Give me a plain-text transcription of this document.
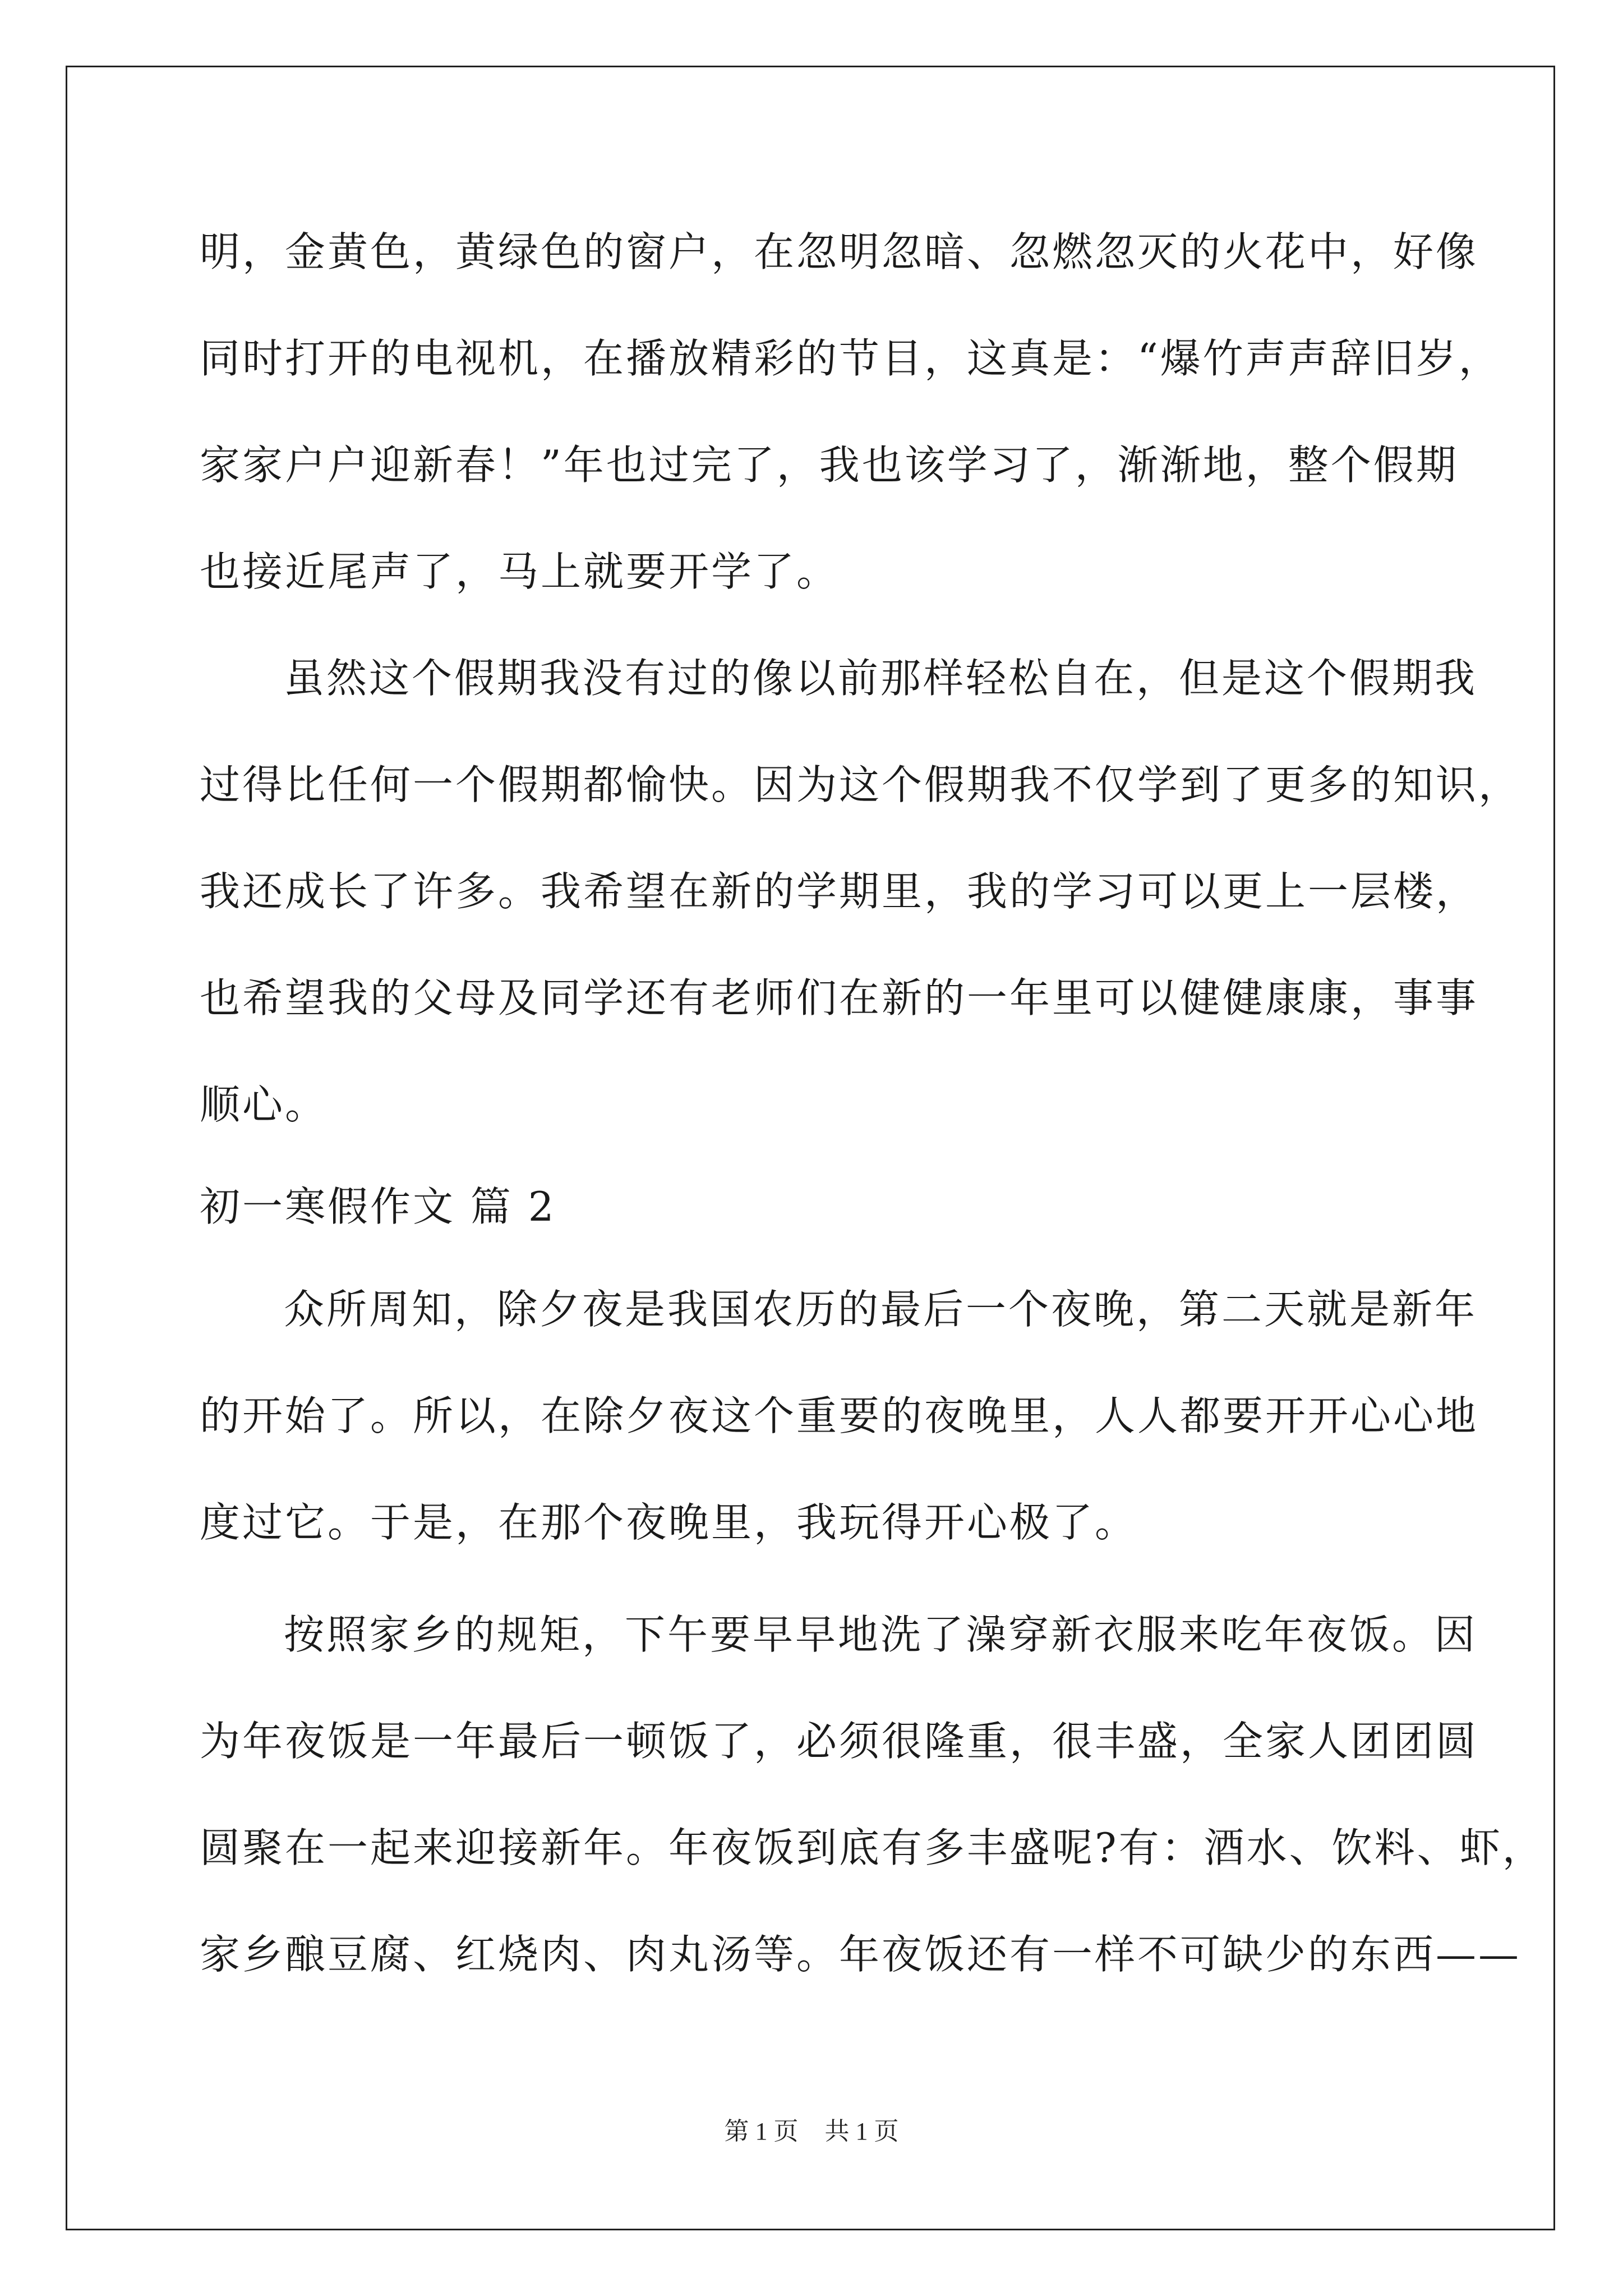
明，金黄色，黄绿色的窗户，在忽明忽暗、忽燃忽灭的火花中，好像
同时打开的电视机，在播放精彩的节目，这真是：“爆竹声声辞旧岁，
家家户户迎新春！”年也过完了，我也该学习了，渐渐地，整个假期
也接近尾声了，马上就要开学了。
虽然这个假期我没有过的像以前那样轻松自在，但是这个假期我
过得比任何一个假期都愉快。因为这个假期我不仅学到了更多的知识，
我还成长了许多。我希望在新的学期里，我的学习可以更上一层楼，
也希望我的父母及同学还有老师们在新的一年里可以健健康康，事事
顺心。
初一寒假作文 篇 2
众所周知，除夕夜是我国农历的最后一个夜晚，第二天就是新年
的开始了。所以，在除夕夜这个重要的夜晚里，人人都要开开心心地
度过它。于是，在那个夜晚里，我玩得开心极了。
按照家乡的规矩，下午要早早地洗了澡穿新衣服来吃年夜饭。因
为年夜饭是一年最后一顿饭了，必须很隆重，很丰盛，全家人团团圆
圆聚在一起来迎接新年。年夜饭到底有多丰盛呢?有：酒水、饮料、虾，
家乡酿豆腐、红烧肉、肉丸汤等。年夜饭还有一样不可缺少的东西——
第 1 页 共 1 页
